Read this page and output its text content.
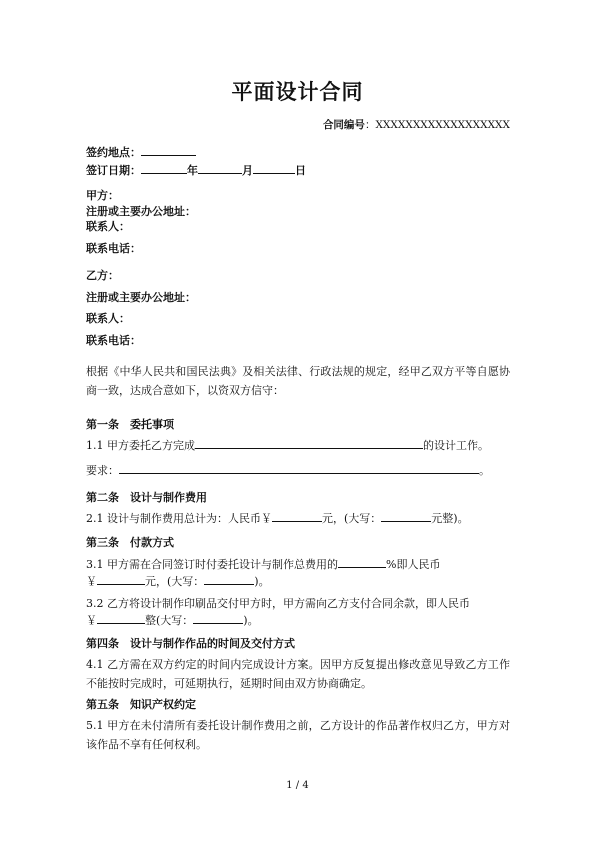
平面设计合同
合同编号：XXXXXXXXXXXXXXXXXX
签约地点：
签订日期：	年	月	日
甲方：
注册或主要办公地址：
联系人：
联系电话：
乙方：
注册或主要办公地址：
联系人：
联系电话：
根据《中华人民共和国民法典》及相关法律、行政法规的规定，经甲乙双方平等自愿协商一致，达成合意如下，以资双方信守：
第一条　委托事项
1.1 甲方委托乙方完成	的设计工作。
要求：	。
第二条　设计与制作费用
2.1 设计与制作费用总计为：人民币￥	元，(大写：	元整)。
第三条　付款方式
3.1 甲方需在合同签订时付委托设计与制作总费用的	%即人民币
￥	元，(大写：	)。
3.2 乙方将设计制作印刷品交付甲方时，甲方需向乙方支付合同余款，即人民币
￥	整(大写：	)。
第四条　设计与制作作品的时间及交付方式
4.1 乙方需在双方约定的时间内完成设计方案。因甲方反复提出修改意见导致乙方工作不能按时完成时，可延期执行，延期时间由双方协商确定。
第五条　知识产权约定
5.1 甲方在未付清所有委托设计制作费用之前，乙方设计的作品著作权归乙方，甲方对该作品不享有任何权利。
1 / 4
